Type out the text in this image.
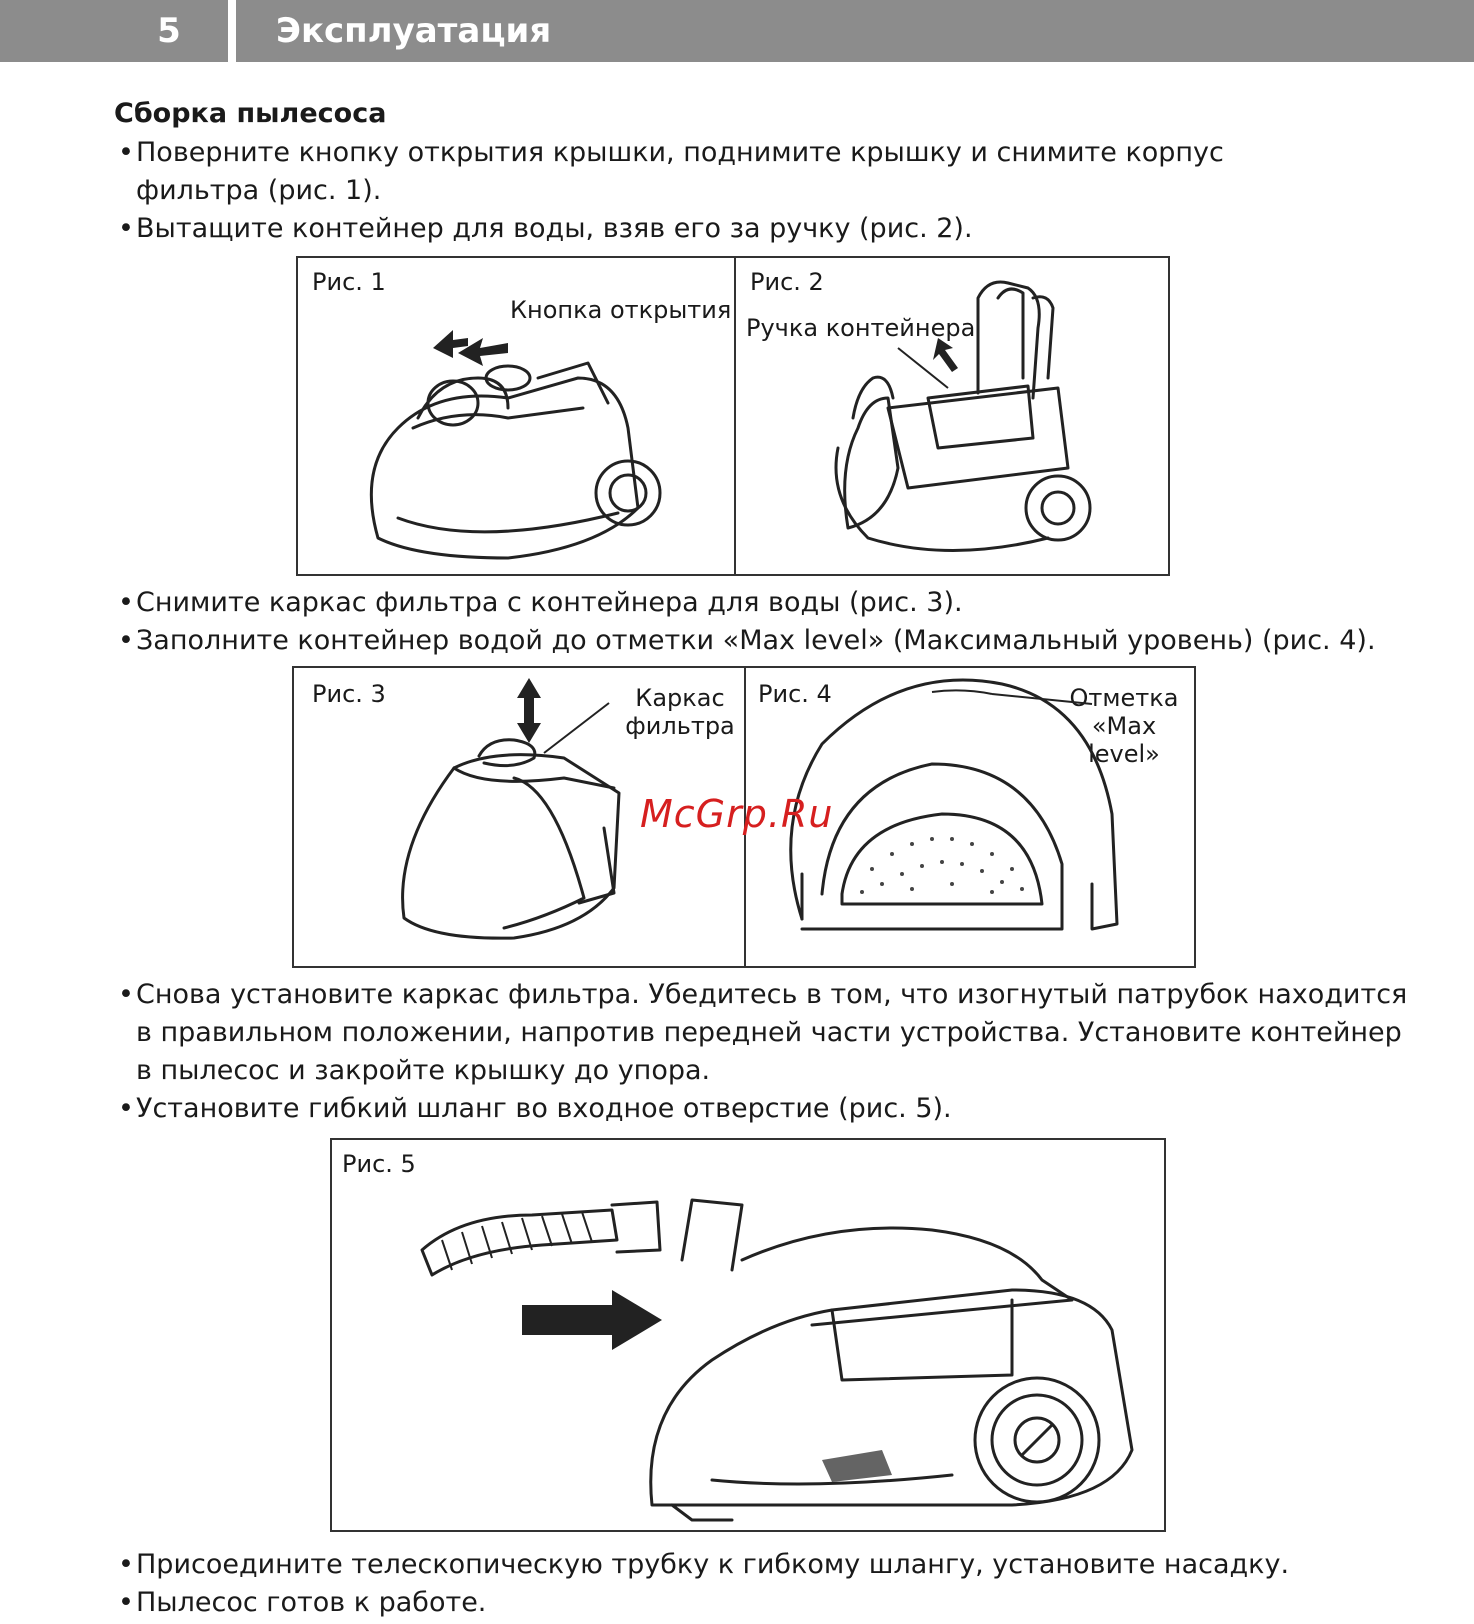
5	Эксплуатация
Сборка пылесоса
•Поверните кнопку открытия крышки, поднимите крышку и снимите корпус
фильтра (рис. 1).
•Вытащите контейнер для воды, взяв его за ручку (рис. 2).
Рис. 1
Кнопка открытия
Рис. 2
Ручка контейнера
•Снимите каркас фильтра с контейнера для воды (рис. 3).
•Заполните контейнер водой до отметки «Max level» (Максимальный уровень) (рис. 4).
Рис. 3	Каркас
фильтра
Рис. 4	Отметка
«Max level»
McGrp.Ru
•Снова установите каркас фильтра. Убедитесь в том, что изогнутый патрубок находится
в правильном положении, напротив передней части устройства. Установите контейнер
в пылесос и закройте крышку до упора.
•Установите гибкий шланг во входное отверстие (рис. 5).
Рис. 5
•Присоедините телескопическую трубку к гибкому шлангу, установите насадку.
•Пылесос готов к работе.
